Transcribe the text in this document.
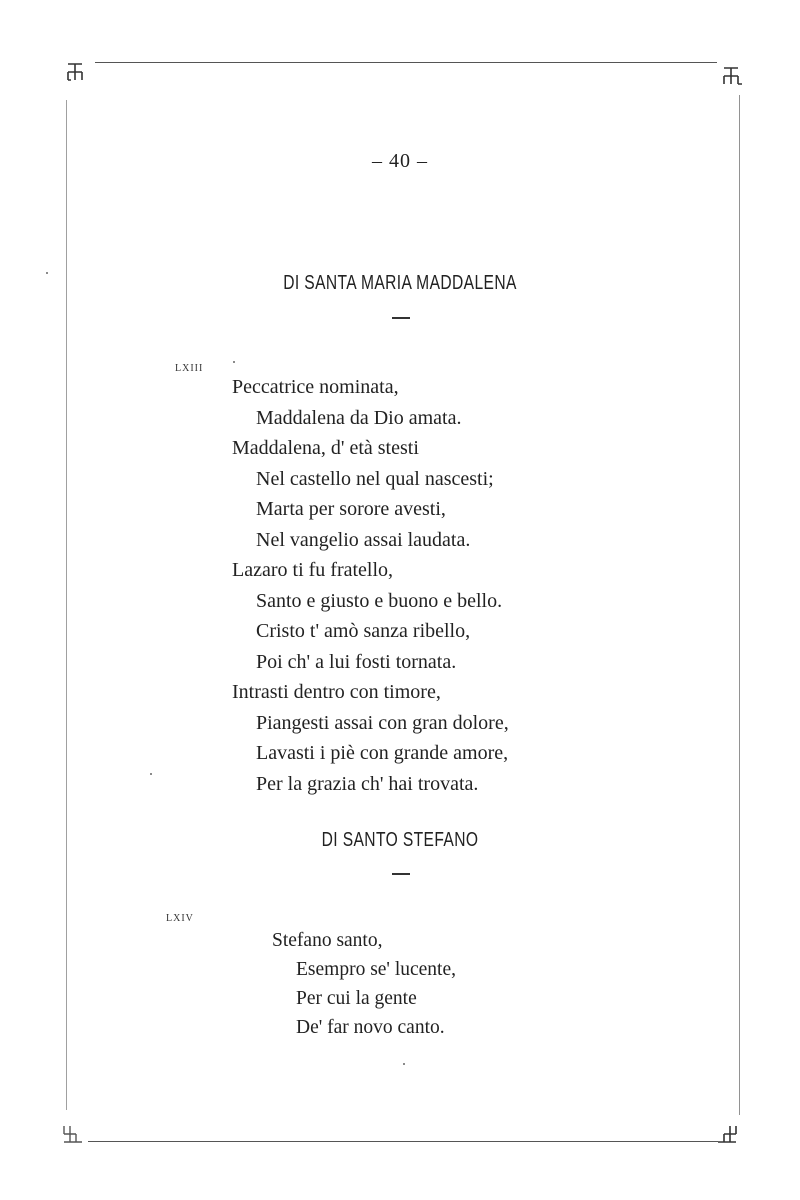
– 40 –
DI SANTA MARIA MADDALENA
LXIII
Peccatrice nominata,
Maddalena da Dio amata.
Maddalena, d' età stesti
Nel castello nel qual nascesti;
Marta per sorore avesti,
Nel vangelio assai laudata.
Lazaro ti fu fratello,
Santo e giusto e buono e bello.
Cristo t' amò sanza ribello,
Poi ch' a lui fosti tornata.
Intrasti dentro con timore,
Piangesti assai con gran dolore,
Lavasti i piè con grande amore,
Per la grazia ch' hai trovata.
DI SANTO STEFANO
LXIV
Stefano santo,
Esempro se' lucente,
Per cui la gente
De' far novo canto.
